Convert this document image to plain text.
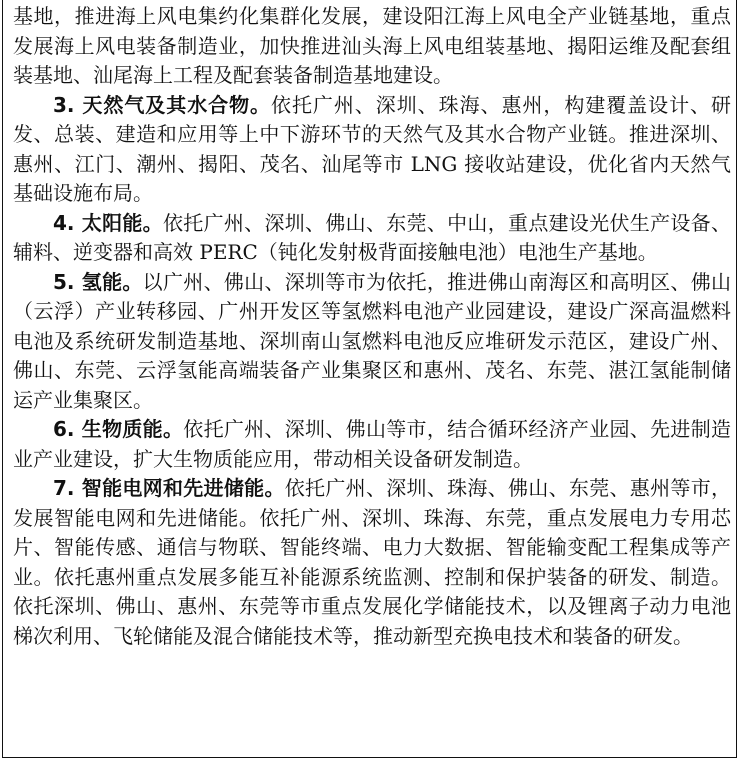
基地，推进海上风电集约化集群化发展，建设阳江海上风电全产业链基地，重点发展海上风电装备制造业，加快推进汕头海上风电组装基地、揭阳运维及配套组装基地、汕尾海上工程及配套装备制造基地建设。

3. 天然气及其水合物。依托广州、深圳、珠海、惠州，构建覆盖设计、研发、总装、建造和应用等上中下游环节的天然气及其水合物产业链。推进深圳、惠州、江门、潮州、揭阳、茂名、汕尾等市 LNG 接收站建设，优化省内天然气基础设施布局。

4. 太阳能。依托广州、深圳、佛山、东莞、中山，重点建设光伏生产设备、辅料、逆变器和高效 PERC（钝化发射极背面接触电池）电池生产基地。

5. 氢能。以广州、佛山、深圳等市为依托，推进佛山南海区和高明区、佛山（云浮）产业转移园、广州开发区等氢燃料电池产业园建设，建设广深高温燃料电池及系统研发制造基地、深圳南山氢燃料电池反应堆研发示范区，建设广州、佛山、东莞、云浮氢能高端装备产业集聚区和惠州、茂名、东莞、湛江氢能制储运产业集聚区。

6. 生物质能。依托广州、深圳、佛山等市，结合循环经济产业园、先进制造业产业建设，扩大生物质能应用，带动相关设备研发制造。

7. 智能电网和先进储能。依托广州、深圳、珠海、佛山、东莞、惠州等市，发展智能电网和先进储能。依托广州、深圳、珠海、东莞，重点发展电力专用芯片、智能传感、通信与物联、智能终端、电力大数据、智能输变配工程集成等产业。依托惠州重点发展多能互补能源系统监测、控制和保护装备的研发、制造。依托深圳、佛山、惠州、东莞等市重点发展化学储能技术，以及锂离子动力电池梯次利用、飞轮储能及混合储能技术等，推动新型充换电技术和装备的研发。
